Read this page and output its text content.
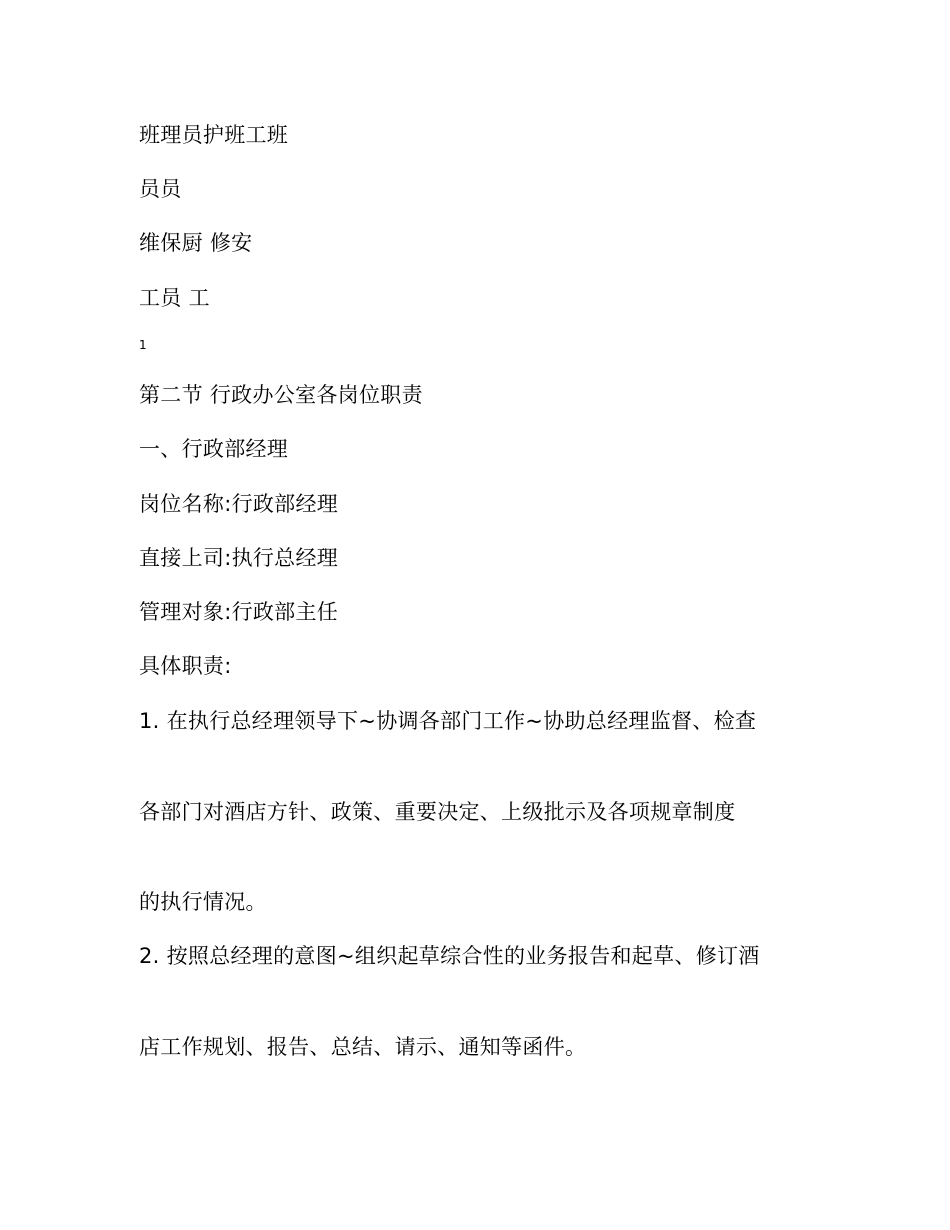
班理员护班工班
员员
维保厨 修安
工员 工
1
第二节 行政办公室各岗位职责
一、行政部经理
岗位名称:行政部经理
直接上司:执行总经理
管理对象:行政部主任
具体职责:
1. 在执行总经理领导下~协调各部门工作~协助总经理监督、检查
各部门对酒店方针、政策、重要决定、上级批示及各项规章制度
的执行情况。
2. 按照总经理的意图~组织起草综合性的业务报告和起草、修订酒
店工作规划、报告、总结、请示、通知等函件。
